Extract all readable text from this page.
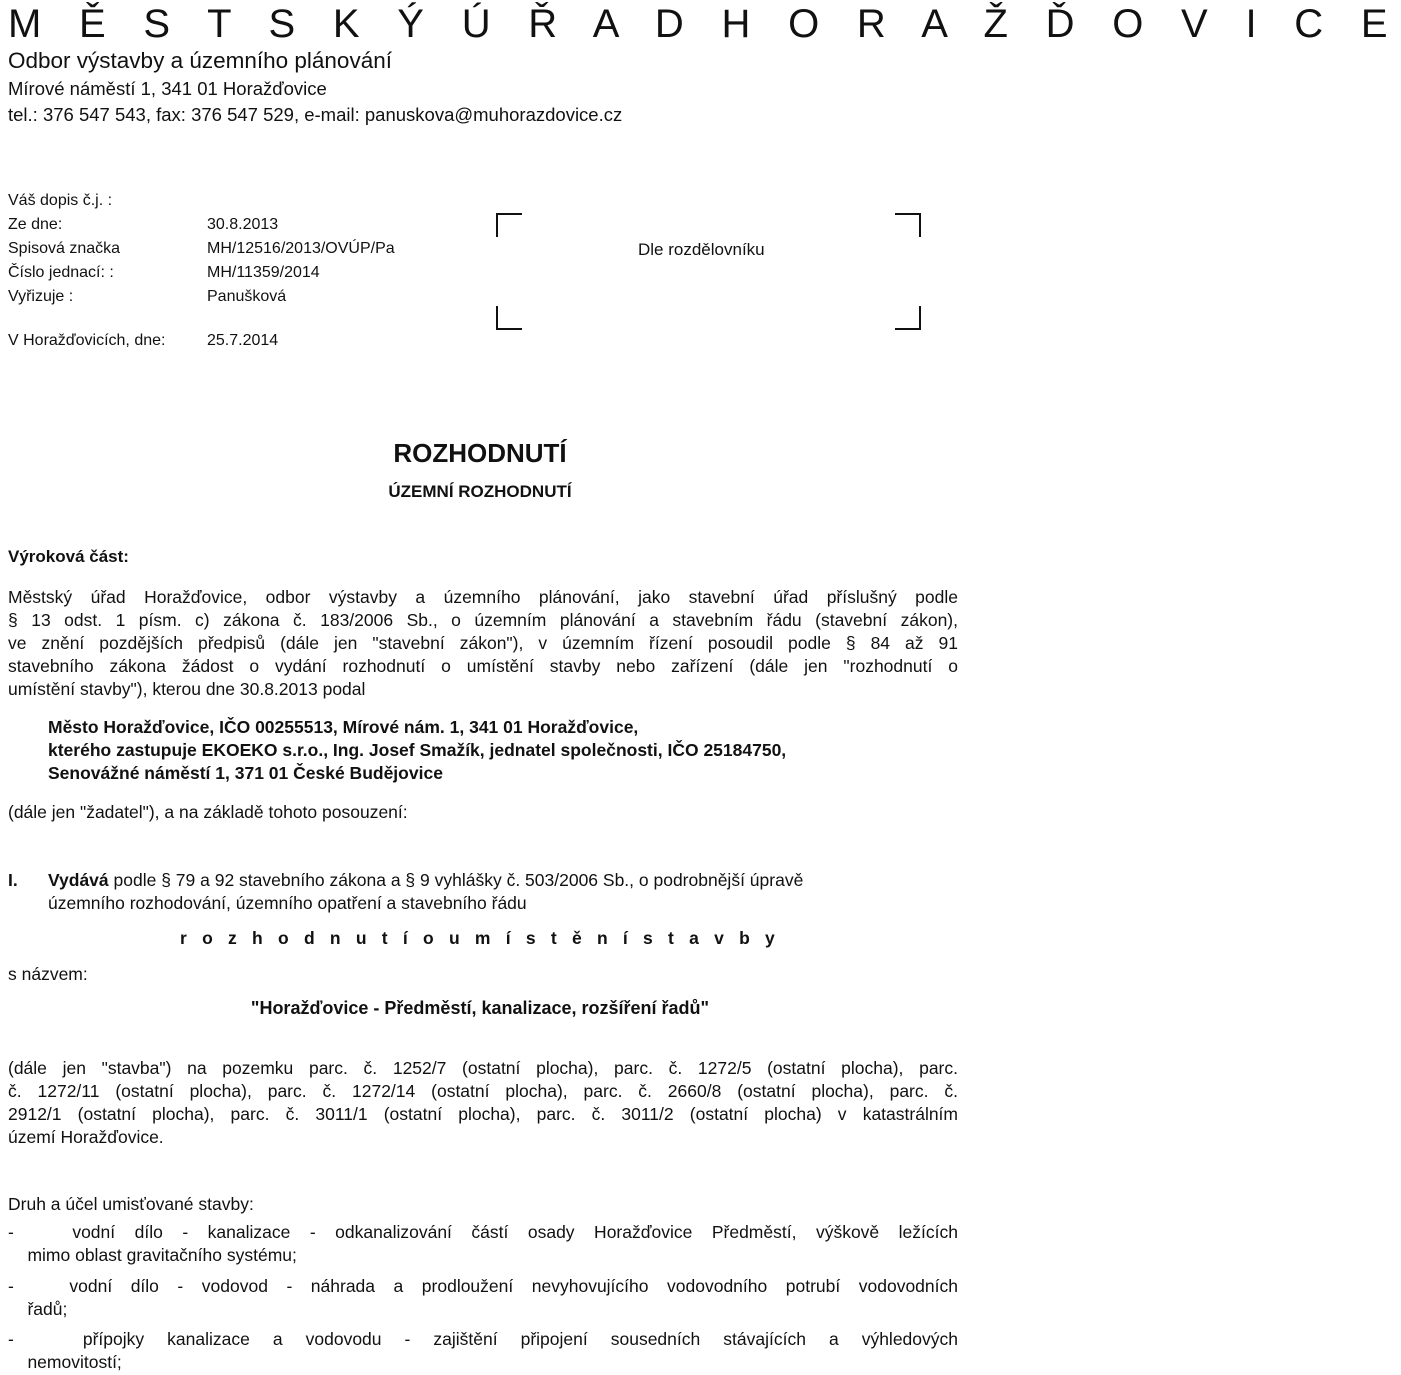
M Ě S T S K Ý Ú Ř A D H O R A Ž Ď O V I C E
Odbor výstavby a územního plánování
Mírové náměstí 1, 341 01 Horažďovice
tel.: 376 547 543, fax: 376 547 529, e-mail: panuskova@muhorazdovice.cz
Váš dopis č.j. :
Ze dne:	30.8.2013
Spisová značka	MH/12516/2013/OVÚP/Pa
Číslo jednací: :	MH/11359/2014
Vyřizuje :	Panušková
V Horažďovicích, dne:	25.7.2014
Dle rozdělovníku
ROZHODNUTÍ
ÚZEMNÍ ROZHODNUTÍ
Výroková část:
Městský úřad Horažďovice, odbor výstavby a územního plánování, jako stavební úřad příslušný podle
§ 13 odst. 1 písm. c) zákona č. 183/2006 Sb., o územním plánování a stavebním řádu (stavební zákon),
ve znění pozdějších předpisů (dále jen "stavební zákon"), v územním řízení posoudil podle § 84 až 91
stavebního zákona žádost o vydání rozhodnutí o umístění stavby nebo zařízení (dále jen "rozhodnutí o
umístění stavby"), kterou dne 30.8.2013 podal
Město Horažďovice, IČO 00255513, Mírové nám. 1, 341 01 Horažďovice,
kterého zastupuje EKOEKO s.r.o., Ing. Josef Smažík, jednatel společnosti, IČO 25184750,
Senovážné náměstí 1, 371 01 České Budějovice
(dále jen "žadatel"), a na základě tohoto posouzení:
I. Vydává podle § 79 a 92 stavebního zákona a § 9 vyhlášky č. 503/2006 Sb., o podrobnější úpravě
územního rozhodování, územního opatření a stavebního řádu
r o z h o d n u t í o u m í s t ě n í s t a v b y
s názvem:
"Horažďovice - Předměstí, kanalizace, rozšíření řadů"
(dále jen "stavba") na pozemku parc. č. 1252/7 (ostatní plocha), parc. č. 1272/5 (ostatní plocha), parc.
č. 1272/11 (ostatní plocha), parc. č. 1272/14 (ostatní plocha), parc. č. 2660/8 (ostatní plocha), parc. č.
2912/1 (ostatní plocha), parc. č. 3011/1 (ostatní plocha), parc. č. 3011/2 (ostatní plocha) v katastrálním
území Horažďovice.
Druh a účel umisťované stavby:
-   vodní dílo - kanalizace - odkanalizování částí osady Horažďovice Předměstí, výškově ležících
mimo oblast gravitačního systému;
-   vodní dílo - vodovod - náhrada a prodloužení nevyhovujícího vodovodního potrubí vodovodních
řadů;
-   přípojky kanalizace a vodovodu - zajištění připojení sousedních stávajících a výhledových
nemovitostí;
